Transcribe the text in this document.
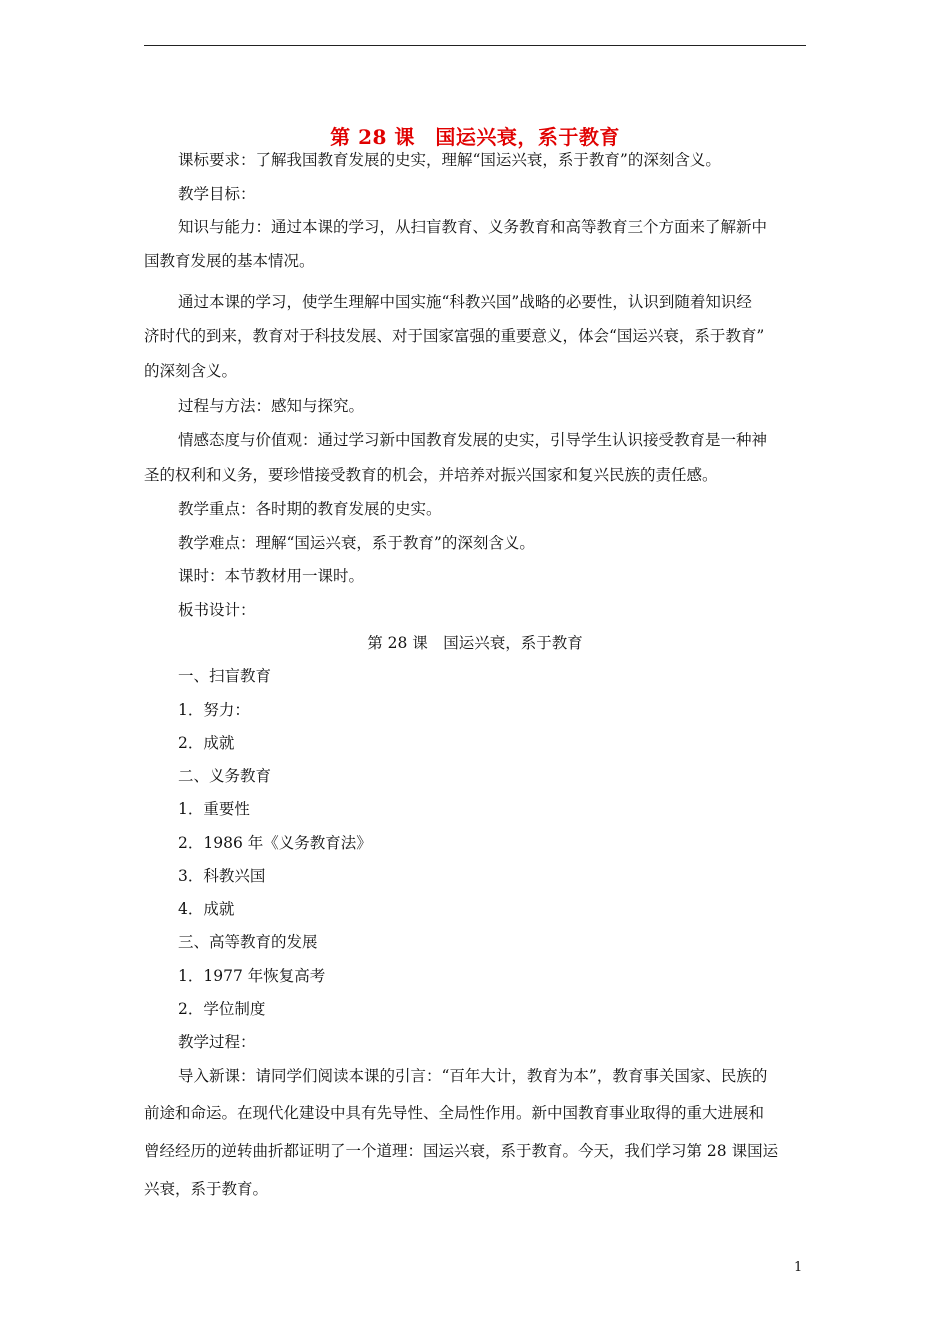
第 28 课　国运兴衰，系于教育
课标要求：了解我国教育发展的史实，理解“国运兴衰，系于教育”的深刻含义。
教学目标：
知识与能力：通过本课的学习，从扫盲教育、义务教育和高等教育三个方面来了解新中
国教育发展的基本情况。
通过本课的学习，使学生理解中国实施“科教兴国”战略的必要性，认识到随着知识经
济时代的到来，教育对于科技发展、对于国家富强的重要意义，体会“国运兴衰，系于教育”
的深刻含义。
过程与方法：感知与探究。
情感态度与价值观：通过学习新中国教育发展的史实，引导学生认识接受教育是一种神
圣的权利和义务，要珍惜接受教育的机会，并培养对振兴国家和复兴民族的责任感。
教学重点：各时期的教育发展的史实。
教学难点：理解“国运兴衰，系于教育”的深刻含义。
课时：本节教材用一课时。
板书设计：
第 28 课　国运兴衰，系于教育
一、扫盲教育
1．努力：
2．成就
二、义务教育
1．重要性
2．1986 年《义务教育法》
3．科教兴国
4．成就
三、高等教育的发展
1．1977 年恢复高考
2．学位制度
教学过程：
导入新课：请同学们阅读本课的引言：“百年大计，教育为本”，教育事关国家、民族的
前途和命运。在现代化建设中具有先导性、全局性作用。新中国教育事业取得的重大进展和
曾经经历的逆转曲折都证明了一个道理：国运兴衰，系于教育。今天，我们学习第 28 课国运
兴衰，系于教育。
1
